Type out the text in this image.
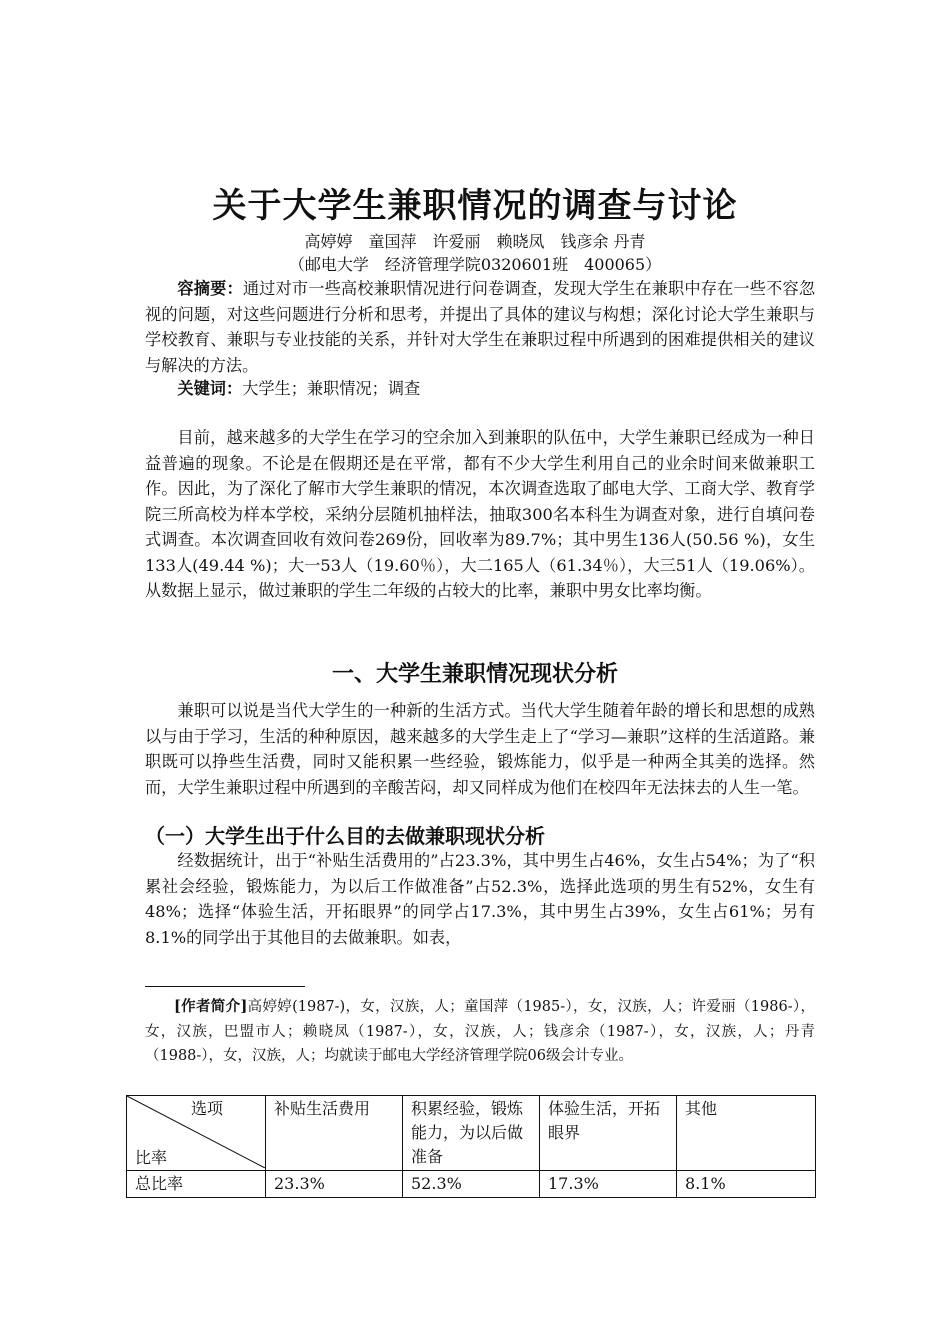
关于大学生兼职情况的调查与讨论
高婷婷　童国萍　许爱丽　赖晓凤　钱彦余 丹青
（邮电大学　经济管理学院0320601班　400065）

容摘要：通过对市一些高校兼职情况进行问卷调查，发现大学生在兼职中存在一些不容忽视的问题，对这些问题进行分析和思考，并提出了具体的建议与构想；深化讨论大学生兼职与学校教育、兼职与专业技能的关系，并针对大学生在兼职过程中所遇到的困难提供相关的建议与解决的方法。

关键词：大学生；兼职情况；调查

目前，越来越多的大学生在学习的空余加入到兼职的队伍中，大学生兼职已经成为一种日益普遍的现象。不论是在假期还是在平常，都有不少大学生利用自己的业余时间来做兼职工作。因此，为了深化了解市大学生兼职的情况，本次调查选取了邮电大学、工商大学、教育学院三所高校为样本学校，采纳分层随机抽样法，抽取300名本科生为调查对象，进行自填问卷式调查。本次调查回收有效问卷269份，回收率为89.7%；其中男生136人(50.56 %)，女生133人(49.44 %)；大一53人（19.60％），大二165人（61.34％），大三51人（19.06%）。从数据上显示，做过兼职的学生二年级的占较大的比率，兼职中男女比率均衡。

一、大学生兼职情况现状分析

兼职可以说是当代大学生的一种新的生活方式。当代大学生随着年龄的增长和思想的成熟以与由于学习，生活的种种原因，越来越多的大学生走上了“学习—兼职”这样的生活道路。兼职既可以挣些生活费，同时又能积累一些经验，锻炼能力，似乎是一种两全其美的选择。然而，大学生兼职过程中所遇到的辛酸苦闷，却又同样成为他们在校四年无法抹去的人生一笔。

（一）大学生出于什么目的去做兼职现状分析

经数据统计，出于“补贴生活费用的”占23.3%，其中男生占46%，女生占54%；为了“积累社会经验，锻炼能力，为以后工作做准备”占52.3%，选择此选项的男生有52%，女生有48%；选择“体验生活，开拓眼界”的同学占17.3%，其中男生占39%，女生占61%；另有8.1%的同学出于其他目的去做兼职。如表，

[作者简介]高婷婷(1987-)，女，汉族，人；童国萍（1985-），女，汉族，人；许爱丽（1986-），女，汉族，巴盟市人；赖晓凤（1987-），女，汉族，人；钱彦余（1987-），女，汉族，人；丹青（1988-），女，汉族，人；均就读于邮电大学经济管理学院06级会计专业。

选项
比率	补贴生活费用	积累经验，锻炼能力，为以后做准备	体验生活，开拓眼界	其他
总比率	23.3%	52.3%	17.3%	8.1%
